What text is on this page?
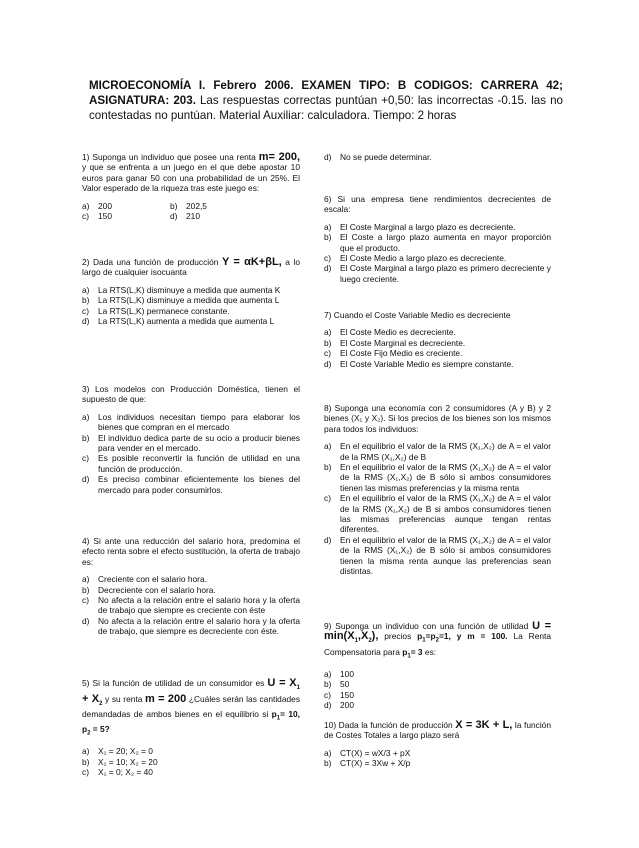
MICROECONOMÍA I. Febrero 2006. EXAMEN TIPO: B CODIGOS: CARRERA 42; ASIGNATURA: 203. Las respuestas correctas puntúan +0,50: las incorrectas -0.15. las no contestadas no puntúan. Material Auxiliar: calculadora. Tiempo: 2 horas
1) Suponga un individuo que posee una renta m= 200, y que se enfrenta a un juego en el que debe apostar 10 euros para ganar 50 con una probabilidad de un 25%. El Valor esperado de la riqueza tras este juego es:
a)	200	b)	202,5
c)	150	d)	210
2) Dada una función de producción Y = αK+βL, a lo largo de cualquier isocuanta
a)	La RTS(L,K) disminuye a medida que aumenta K
b)	La RTS(L,K) disminuye a medida que aumenta L
c)	La RTS(L,K) permanece constante.
d)	La RTS(L,K) aumenta a medida que aumenta L
3) Los modelos con Producción Doméstica, tienen el supuesto de que:
a)	Los individuos necesitan tiempo para elaborar los bienes que compran en el mercado
b)	El individuo dedica parte de su ocio a producir bienes para vender en el mercado.
c)	Es posible reconvertir la función de utilidad en una función de producción.
d)	Es preciso combinar eficientemente los bienes del mercado para poder consumirlos.
4) Si ante una reducción del salario hora, predomina el efecto renta sobre el efecto sustitución, la oferta de trabajo es:
a)	Creciente con el salario hora.
b)	Decreciente con el salario hora.
c)	No afecta a la relación entre el salario hora y la oferta de trabajo que siempre es creciente con éste
d)	No afecta a la relación entre el salario hora y la oferta de trabajo, que siempre es decreciente con éste.
5) Si la función de utilidad de un consumidor es $U = X_1 + X_2$ y su renta m = 200 ¿Cuáles serán las cantidades demandadas de ambos bienes en el equilibrio si $p_1= 10$, $p_2 = 5$?
a)	X₁ = 20; X₂ = 0
b)	X₁ = 10; X₂ = 20
c)	X₁ = 0; X₂ = 40
d)	No se puede determinar.
6) Si una empresa tiene rendimientos decrecientes de escala:
a)	El Coste Marginal a largo plazo es decreciente.
b)	El Coste a largo plazo aumenta en mayor proporción que el producto.
c)	El Coste Medio a largo plazo es decreciente.
d)	El Coste Marginal a largo plazo es primero decreciente y luego creciente.
7) Cuando el Coste Variable Medio es decreciente
a)	El Coste Medio es decreciente.
b)	El Coste Marginal es decreciente.
c)	El Coste Fijo Medio es creciente.
d)	El Coste Variable Medio es siempre constante.
8) Suponga una economía con 2 consumidores (A y B) y 2 bienes (X₁ y X₂). Si los precios de los bienes son los mismos para todos los individuos:
a)	En el equilibrio el valor de la RMS (X₁,X₂) de A = el valor de la RMS (X₁,X₂) de B
b)	En el equilibrio el valor de la RMS (X₁,X₂) de A = el valor de la RMS (X₁,X₂) de B sólo si ambos consumidores tienen las mismas preferencias y la misma renta
c)	En el equilibrio el valor de la RMS (X₁,X₂) de A = el valor de la RMS (X₁,X₂) de B si ambos consumidores tienen las mismas preferencias aunque tengan rentas diferentes.
d)	En el equilibrio el valor de la RMS (X₁,X₂) de A = el valor de la RMS (X₁,X₂) de B sólo si ambos consumidores tienen la misma renta aunque las preferencias sean distintas.
9) Suponga un individuo con una función de utilidad $U = \min(X_1,X_2)$, precios $p_1=p_2=1$, y m = 100. La Renta Compensatoria para $p_1= 3$ es:
a)	100
b)	50
c)	150
d)	200
10) Dada la función de producción X = 3K + L, la función de Costes Totales a largo plazo será
a)	CT(X) = wX/3 + pX
b)	CT(X) = 3Xw + X/p
